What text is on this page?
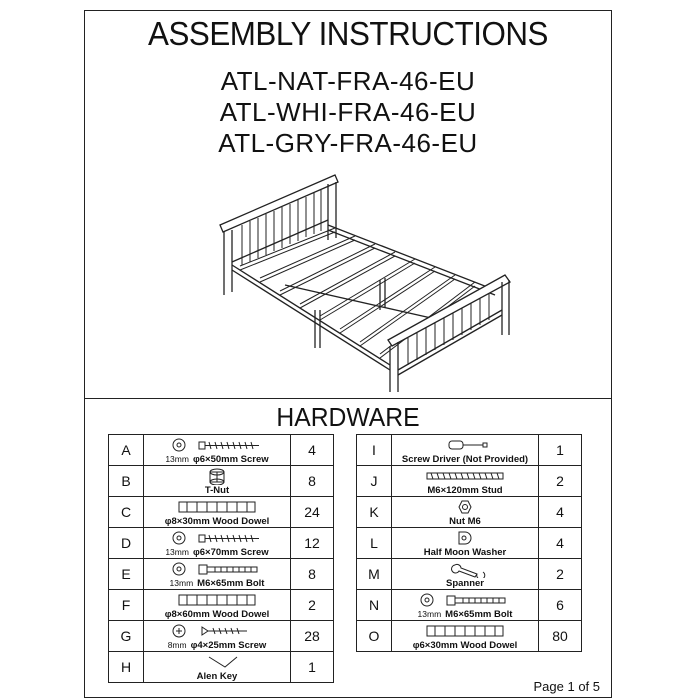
ASSEMBLY INSTRUCTIONS
ATL-NAT-FRA-46-EU
ATL-WHI-FRA-46-EU
ATL-GRY-FRA-46-EU
HARDWARE
A	13mm φ6×50mm Screw	4
B	T-Nut	8
C	φ8×30mm Wood Dowel	24
D	13mm φ6×70mm Screw	12
E	13mm M6×65mm Bolt	8
F	φ8×60mm Wood Dowel	2
G	8mm φ4×25mm Screw	28
H	Alen Key	1
I	Screw Driver (Not Provided)	1
J	M6×120mm Stud	2
K	Nut M6	4
L	Half Moon Washer	4
M	Spanner	2
N	13mm M6×65mm Bolt	6
O	φ6×30mm Wood Dowel	80
Page 1 of 5
